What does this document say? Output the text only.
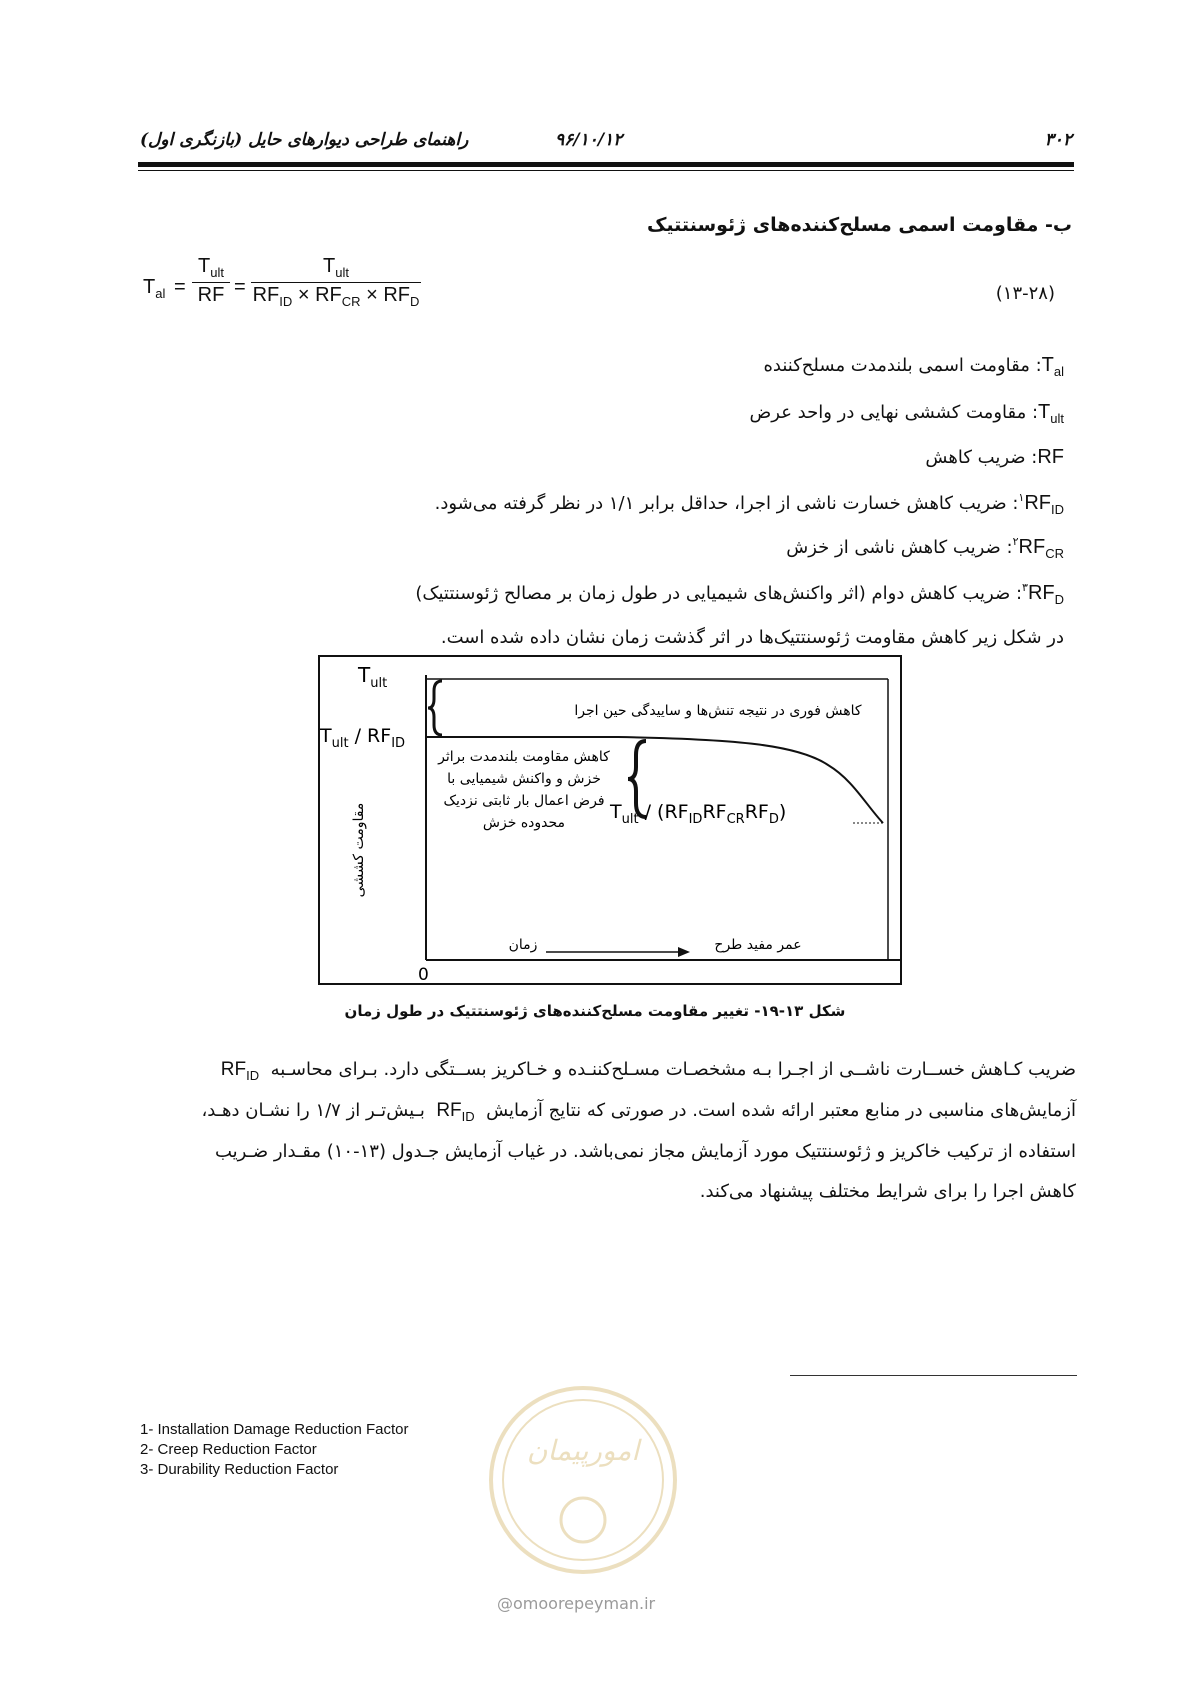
۳۰۲
۹۶/۱۰/۱۲
راهنمای طراحی دیوارهای حایل (بازنگری اول)
ب- مقاومت اسمی مسلح‌کننده‌های ژئوسنتتیک
$T_{al}$ =
$T_{ult}$
RF =
$T_{ult}$
$RF_{ID} \times RF_{CR} \times RF_D$	(۱۳-۲۸)
$T_{al}$: مقاومت اسمی بلندمدت مسلح‌کننده
$T_{ult}$: مقاومت کششی نهایی در واحد عرض
RF: ضریب کاهش
$^۱RF_{ID}$: ضریب کاهش خسارت ناشی از اجرا، حداقل برابر ۱/۱ در نظر گرفته می‌شود.
$^۲RF_{CR}$: ضریب کاهش ناشی از خزش
$^۳RF_D$: ضریب کاهش دوام (اثر واکنش‌های شیمیایی در طول زمان بر مصالح ژئوسنتتیک)
در شکل زیر کاهش مقاومت ژئوسنتتیک‌ها در اثر گذشت زمان نشان داده شده است.
$T_{ult}$
$T_{ult} / RF_{ID}$
کاهش فوری در نتیجه تنش‌ها و سایید‌گی حین اجرا
کاهش مقاومت بلندمدت براثر
خزش و واکنش شیمیایی با
فرض اعمال بار ثابتی نزدیک
محدوده خزش $T_{ult} / (RF_{ID}RF_{CR}RF_D)$
مقاومت کششی
0
زمان	عمر مفید طرح
شکل ۱۳-۱۹- تغییر مقاومت مسلح‌کننده‌های ژئوسنتتیک در طول زمان
ضریب کـاهش خســارت ناشــی از اجـرا بـه مشخصـات مسـلح‌کننـده و خـاکریز بســتگی دارد. بـرای محاسـبه  $RF_{ID}$
آزمایش‌های مناسبی در منابع معتبر ارائه شده است. در صورتی که نتایج آزمایش  $RF_{ID}$  بـیش‌تـر از ۱/۷ را نشـان دهـد،
استفاده از ترکیب خاکریز و ژئوسنتتیک مورد آزمایش مجاز نمی‌باشد. در غیاب آزمایش جـدول (۱۳-۱۰) مقـدار ضـریب
کاهش اجرا را برای شرایط مختلف پیشنهاد می‌کند.
1- Installation Damage Reduction Factor
2- Creep Reduction Factor
3- Durability Reduction Factor
امورپیمان
@omoorepeyman.ir
